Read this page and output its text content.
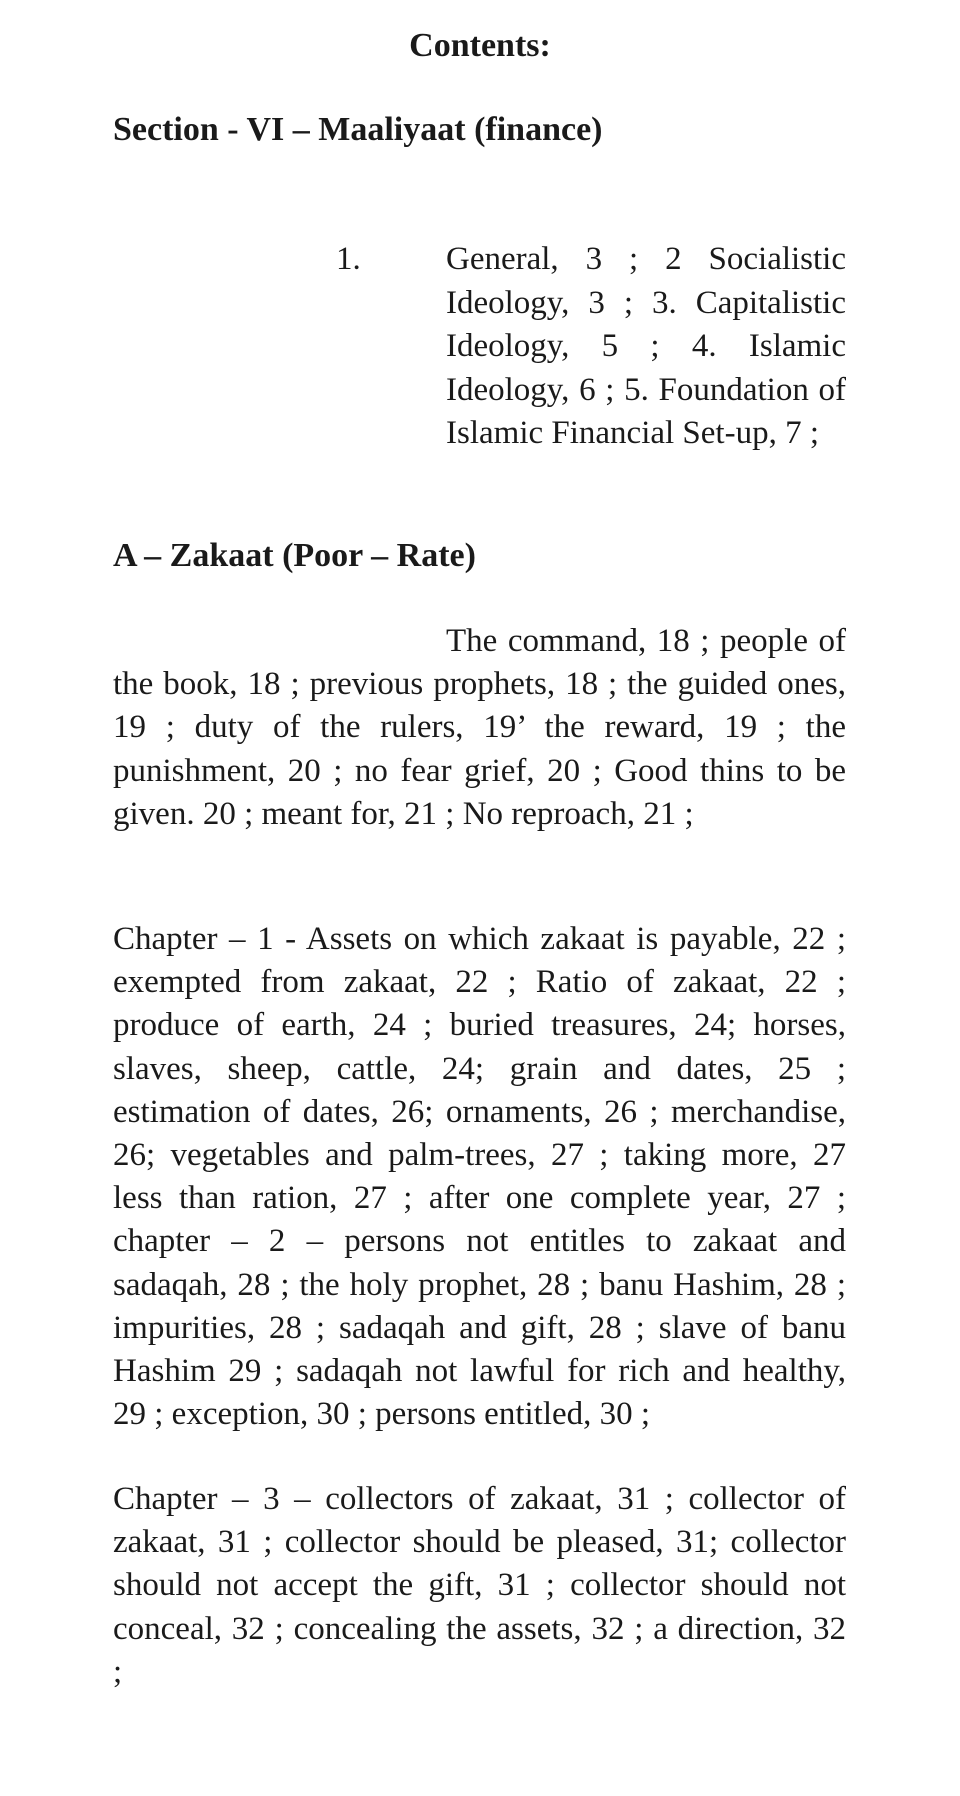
Contents:
Section - VI – Maaliyaat (finance)
1.	General, 3 ; 2 Socialistic Ideology, 3 ; 3. Capitalistic Ideology, 5 ; 4. Islamic Ideology, 6 ; 5. Foundation of Islamic Financial Set-up, 7 ;
A – Zakaat (Poor – Rate)

The command, 18 ; people of the book, 18 ; previous prophets, 18 ; the guided ones, 19 ; duty of the rulers, 19’ the reward, 19 ; the punishment, 20 ; no fear grief, 20 ; Good thins to be given. 20 ; meant for, 21 ; No reproach, 21 ;

Chapter – 1 - Assets on which zakaat is payable, 22 ; exempted from zakaat, 22 ; Ratio of zakaat, 22 ; produce of earth, 24 ; buried treasures, 24; horses, slaves, sheep, cattle, 24; grain and dates, 25 ; estimation of dates, 26; ornaments, 26 ; merchandise, 26; vegetables and palm-trees, 27 ; taking more, 27 less than ration, 27 ; after one complete year, 27 ; chapter – 2 – persons not entitles to zakaat and sadaqah, 28 ; the holy prophet, 28 ; banu Hashim, 28 ; impurities, 28 ; sadaqah and gift, 28 ; slave of banu Hashim 29 ; sadaqah not lawful for rich and healthy, 29 ; exception, 30 ; persons entitled, 30 ;

Chapter – 3 – collectors of zakaat, 31 ; collector of zakaat, 31 ; collector should be pleased, 31; collector should not accept the gift, 31 ; collector should not conceal, 32 ; concealing the assets, 32 ; a direction, 32 ;
